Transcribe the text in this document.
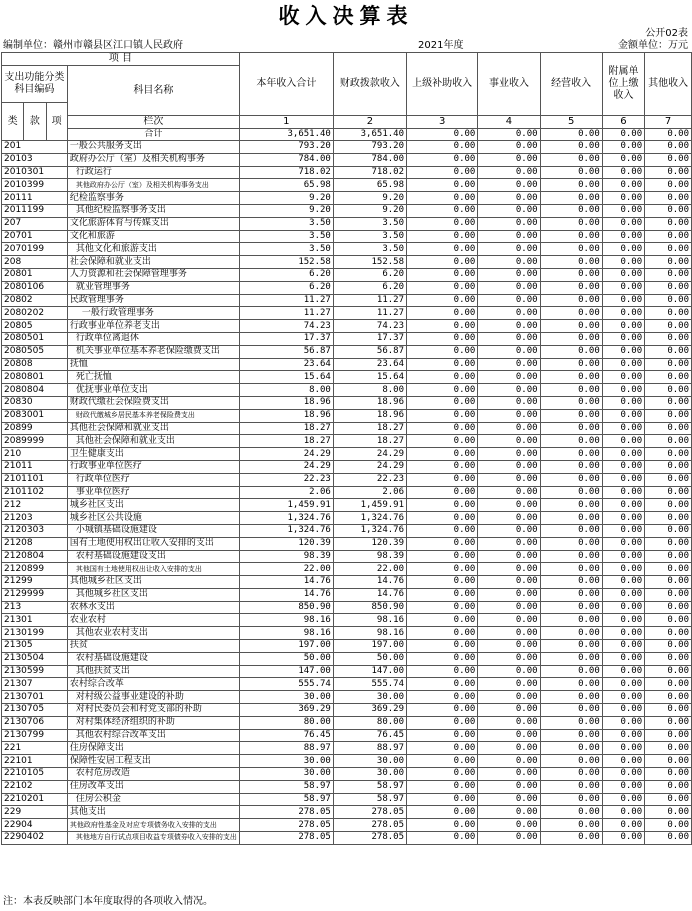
收入决算表
公开02表
编制单位：赣州市赣县区江口镇人民政府	2021年度	金额单位：万元
项 目				本年收入合计	财政拨款收入	上级补助收入	事业收入	经营收入	附属单位上缴收入	其他收入
支出功能分类科目编码			科目名称							
类	款	项								
			栏次	1	2	3	4	5	6	7
			合计	3,651.40	3,651.40	0.00	0.00	0.00	0.00	0.00
201			一般公共服务支出	793.20	793.20	0.00	0.00	0.00	0.00	0.00
20103			政府办公厅（室）及相关机构事务	784.00	784.00	0.00	0.00	0.00	0.00	0.00
2010301			行政运行	718.02	718.02	0.00	0.00	0.00	0.00	0.00
2010399			其他政府办公厅（室）及相关机构事务支出	65.98	65.98	0.00	0.00	0.00	0.00	0.00
20111			纪检监察事务	9.20	9.20	0.00	0.00	0.00	0.00	0.00
2011199			其他纪检监察事务支出	9.20	9.20	0.00	0.00	0.00	0.00	0.00
207			文化旅游体育与传媒支出	3.50	3.50	0.00	0.00	0.00	0.00	0.00
20701			文化和旅游	3.50	3.50	0.00	0.00	0.00	0.00	0.00
2070199			其他文化和旅游支出	3.50	3.50	0.00	0.00	0.00	0.00	0.00
208			社会保障和就业支出	152.58	152.58	0.00	0.00	0.00	0.00	0.00
20801			人力资源和社会保障管理事务	6.20	6.20	0.00	0.00	0.00	0.00	0.00
2080106			就业管理事务	6.20	6.20	0.00	0.00	0.00	0.00	0.00
20802			民政管理事务	11.27	11.27	0.00	0.00	0.00	0.00	0.00
2080202			一般行政管理事务	11.27	11.27	0.00	0.00	0.00	0.00	0.00
20805			行政事业单位养老支出	74.23	74.23	0.00	0.00	0.00	0.00	0.00
2080501			行政单位离退休	17.37	17.37	0.00	0.00	0.00	0.00	0.00
2080505			机关事业单位基本养老保险缴费支出	56.87	56.87	0.00	0.00	0.00	0.00	0.00
20808			抚恤	23.64	23.64	0.00	0.00	0.00	0.00	0.00
2080801			死亡抚恤	15.64	15.64	0.00	0.00	0.00	0.00	0.00
2080804			优抚事业单位支出	8.00	8.00	0.00	0.00	0.00	0.00	0.00
20830			财政代缴社会保险费支出	18.96	18.96	0.00	0.00	0.00	0.00	0.00
2083001			财政代缴城乡居民基本养老保险费支出	18.96	18.96	0.00	0.00	0.00	0.00	0.00
20899			其他社会保障和就业支出	18.27	18.27	0.00	0.00	0.00	0.00	0.00
2089999			其他社会保障和就业支出	18.27	18.27	0.00	0.00	0.00	0.00	0.00
210			卫生健康支出	24.29	24.29	0.00	0.00	0.00	0.00	0.00
21011			行政事业单位医疗	24.29	24.29	0.00	0.00	0.00	0.00	0.00
2101101			行政单位医疗	22.23	22.23	0.00	0.00	0.00	0.00	0.00
2101102			事业单位医疗	2.06	2.06	0.00	0.00	0.00	0.00	0.00
212			城乡社区支出	1,459.91	1,459.91	0.00	0.00	0.00	0.00	0.00
21203			城乡社区公共设施	1,324.76	1,324.76	0.00	0.00	0.00	0.00	0.00
2120303			小城镇基础设施建设	1,324.76	1,324.76	0.00	0.00	0.00	0.00	0.00
21208			国有土地使用权出让收入安排的支出	120.39	120.39	0.00	0.00	0.00	0.00	0.00
2120804			农村基础设施建设支出	98.39	98.39	0.00	0.00	0.00	0.00	0.00
2120899			其他国有土地使用权出让收入安排的支出	22.00	22.00	0.00	0.00	0.00	0.00	0.00
21299			其他城乡社区支出	14.76	14.76	0.00	0.00	0.00	0.00	0.00
2129999			其他城乡社区支出	14.76	14.76	0.00	0.00	0.00	0.00	0.00
213			农林水支出	850.90	850.90	0.00	0.00	0.00	0.00	0.00
21301			农业农村	98.16	98.16	0.00	0.00	0.00	0.00	0.00
2130199			其他农业农村支出	98.16	98.16	0.00	0.00	0.00	0.00	0.00
21305			扶贫	197.00	197.00	0.00	0.00	0.00	0.00	0.00
2130504			农村基础设施建设	50.00	50.00	0.00	0.00	0.00	0.00	0.00
2130599			其他扶贫支出	147.00	147.00	0.00	0.00	0.00	0.00	0.00
21307			农村综合改革	555.74	555.74	0.00	0.00	0.00	0.00	0.00
2130701			对村级公益事业建设的补助	30.00	30.00	0.00	0.00	0.00	0.00	0.00
2130705			对村民委员会和村党支部的补助	369.29	369.29	0.00	0.00	0.00	0.00	0.00
2130706			对村集体经济组织的补助	80.00	80.00	0.00	0.00	0.00	0.00	0.00
2130799			其他农村综合改革支出	76.45	76.45	0.00	0.00	0.00	0.00	0.00
221			住房保障支出	88.97	88.97	0.00	0.00	0.00	0.00	0.00
22101			保障性安居工程支出	30.00	30.00	0.00	0.00	0.00	0.00	0.00
2210105			农村危房改造	30.00	30.00	0.00	0.00	0.00	0.00	0.00
22102			住房改革支出	58.97	58.97	0.00	0.00	0.00	0.00	0.00
2210201			住房公积金	58.97	58.97	0.00	0.00	0.00	0.00	0.00
229			其他支出	278.05	278.05	0.00	0.00	0.00	0.00	0.00
22904			其他政府性基金及对应专项债务收入安排的支出	278.05	278.05	0.00	0.00	0.00	0.00	0.00
2290402			其他地方自行试点项目收益专项债券收入安排的支出	278.05	278.05	0.00	0.00	0.00	0.00	0.00
注：本表反映部门本年度取得的各项收入情况。
